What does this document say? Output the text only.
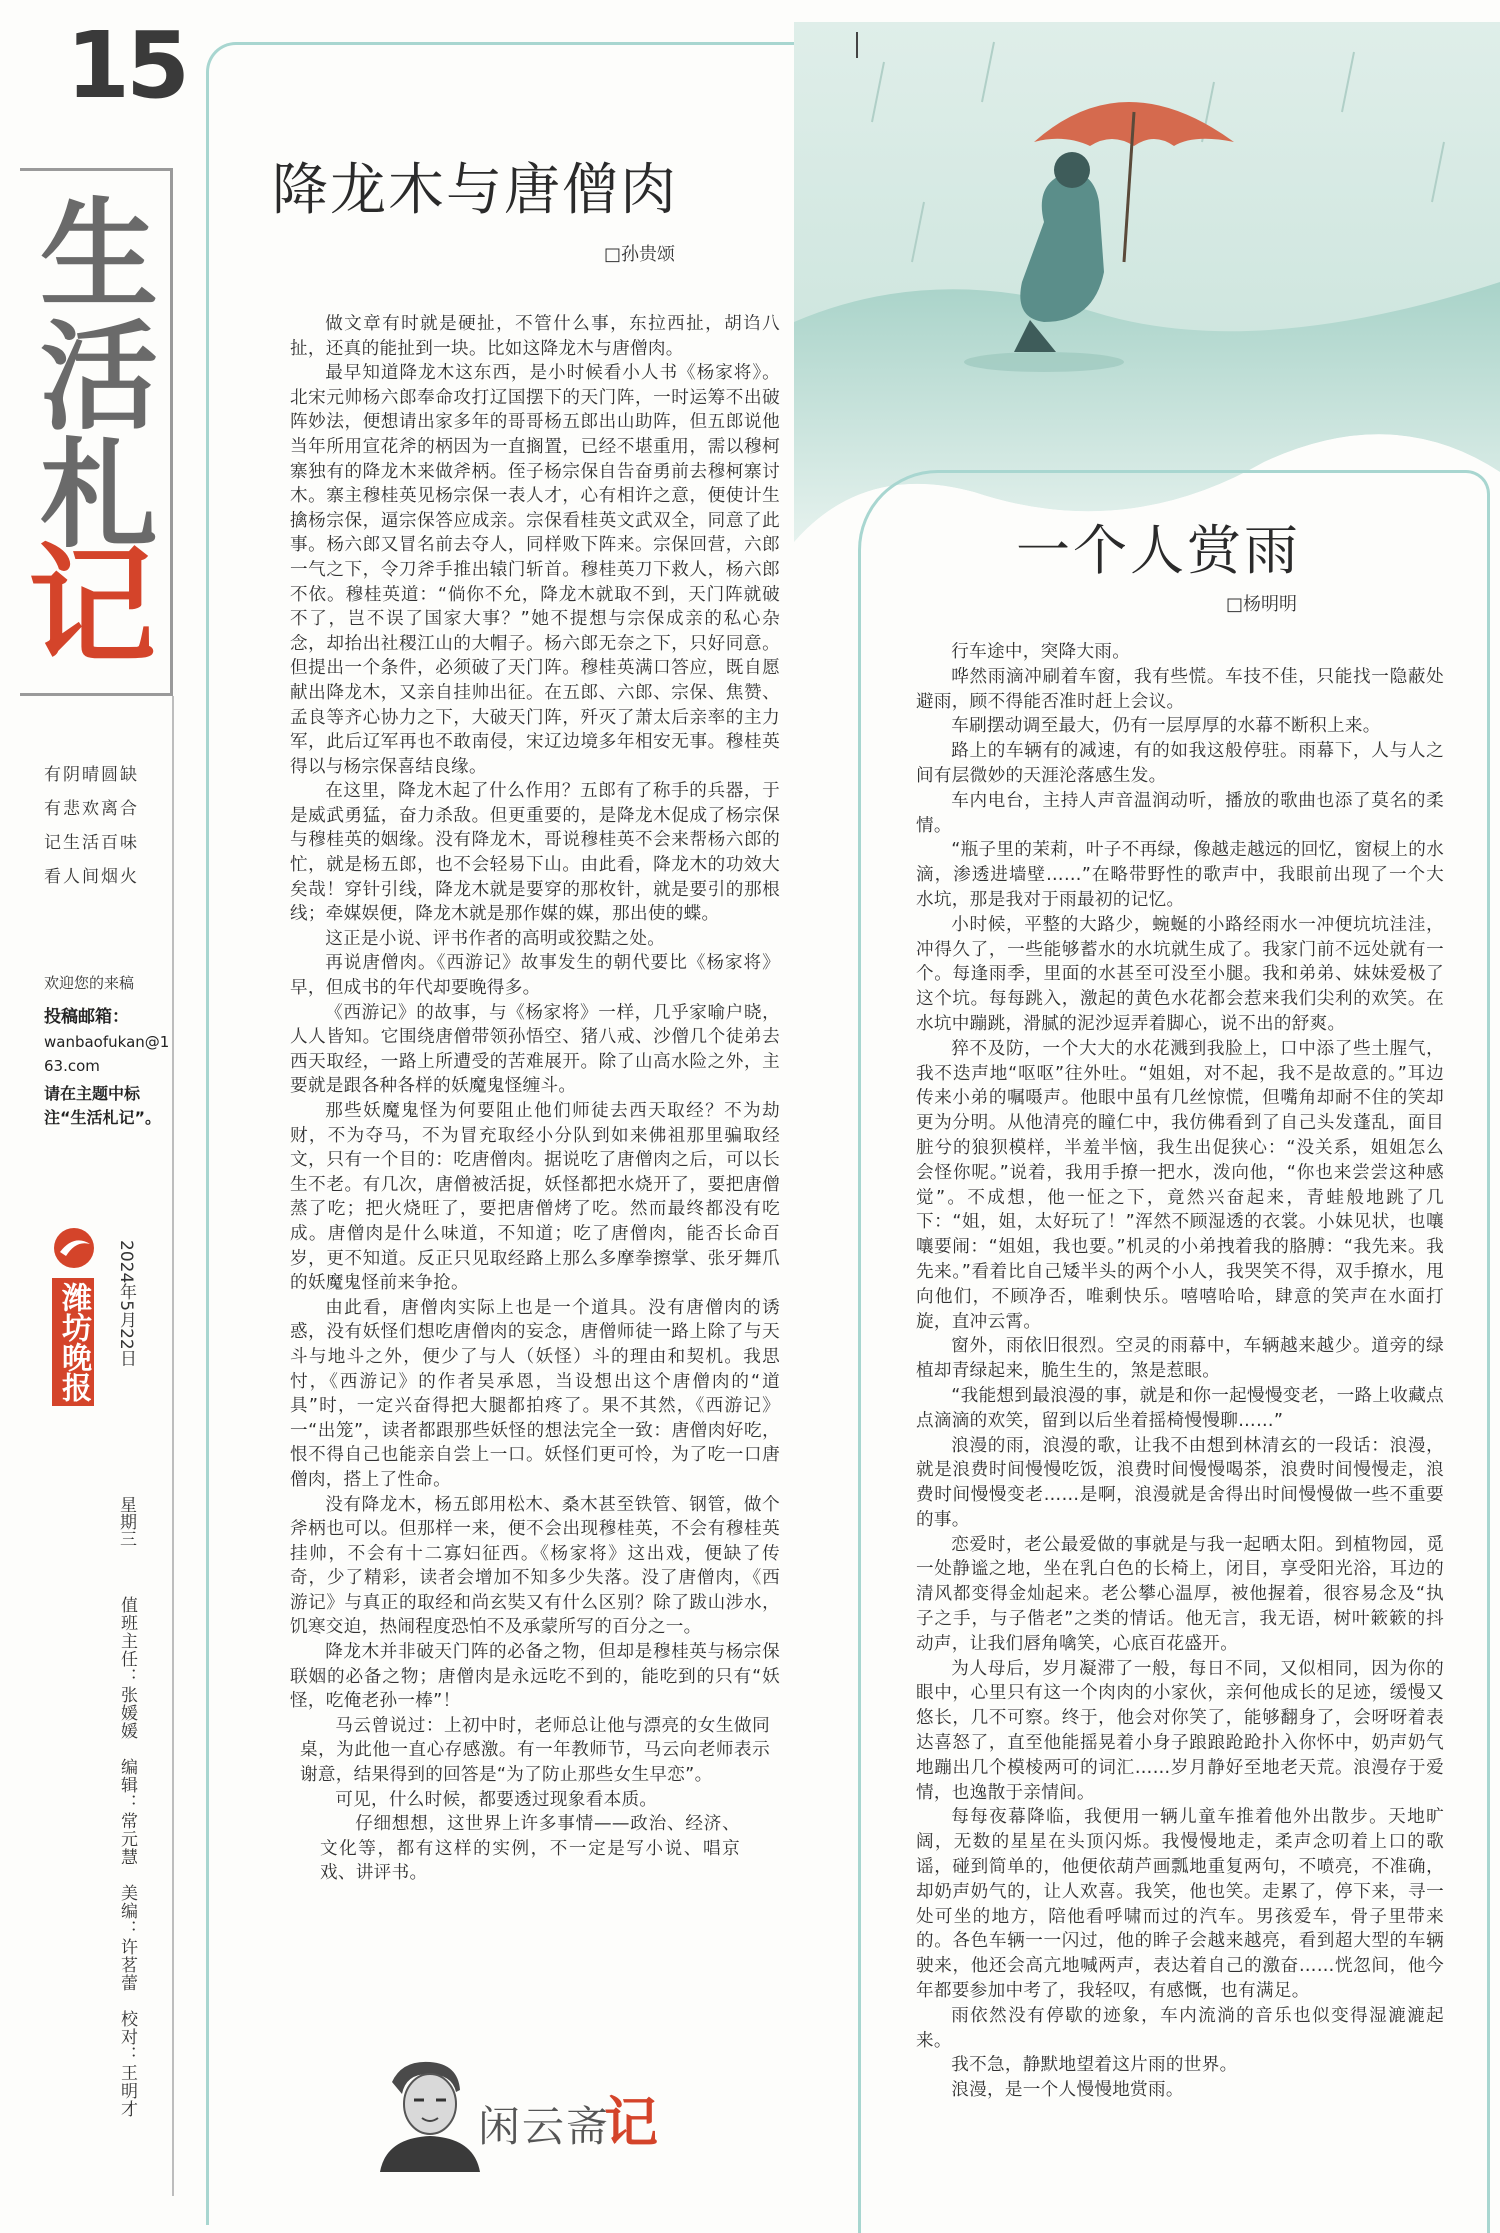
15
生
活
札
记
有阴晴圆缺
有悲欢离合
记生活百味
看人间烟火
欢迎您的来稿
投稿邮箱：
wanbaofukan@163.com
请在主题中标注“生活札记”。
潍坊晚报 2024年5月22日
星期三
值班主任：张媛媛　编辑：常元慧　美编：许茗蕾　校对：王明才
降龙木与唐僧肉
□孙贵颂

做文章有时就是硬扯，不管什么事，东拉西扯，胡诌八扯，还真的能扯到一块。比如这降龙木与唐僧肉。

最早知道降龙木这东西，是小时候看小人书《杨家将》。北宋元帅杨六郎奉命攻打辽国摆下的天门阵，一时运筹不出破阵妙法，便想请出家多年的哥哥杨五郎出山助阵，但五郎说他当年所用宣花斧的柄因为一直搁置，已经不堪重用，需以穆柯寨独有的降龙木来做斧柄。侄子杨宗保自告奋勇前去穆柯寨讨木。寨主穆桂英见杨宗保一表人才，心有相许之意，便使计生擒杨宗保，逼宗保答应成亲。宗保看桂英文武双全，同意了此事。杨六郎又冒名前去夺人，同样败下阵来。宗保回营，六郎一气之下，令刀斧手推出辕门斩首。穆桂英刀下救人，杨六郎不依。穆桂英道：“倘你不允，降龙木就取不到，天门阵就破不了，岂不误了国家大事？”她不提想与宗保成亲的私心杂念，却抬出社稷江山的大帽子。杨六郎无奈之下，只好同意。但提出一个条件，必须破了天门阵。穆桂英满口答应，既自愿献出降龙木，又亲自挂帅出征。在五郎、六郎、宗保、焦赞、孟良等齐心协力之下，大破天门阵，歼灭了萧太后亲率的主力军，此后辽军再也不敢南侵，宋辽边境多年相安无事。穆桂英得以与杨宗保喜结良缘。

在这里，降龙木起了什么作用？五郎有了称手的兵器，于是威武勇猛，奋力杀敌。但更重要的，是降龙木促成了杨宗保与穆桂英的姻缘。没有降龙木，哥说穆桂英不会来帮杨六郎的忙，就是杨五郎，也不会轻易下山。由此看，降龙木的功效大矣哉！穿针引线，降龙木就是要穿的那枚针，就是要引的那根线；牵媒娱便，降龙木就是那作媒的媒，那出使的蝶。

这正是小说、评书作者的高明或狡黠之处。

再说唐僧肉。《西游记》故事发生的朝代要比《杨家将》早，但成书的年代却要晚得多。

《西游记》的故事，与《杨家将》一样，几乎家喻户晓，人人皆知。它围绕唐僧带领孙悟空、猪八戒、沙僧几个徒弟去西天取经，一路上所遭受的苦难展开。除了山高水险之外，主要就是跟各种各样的妖魔鬼怪缠斗。

那些妖魔鬼怪为何要阻止他们师徒去西天取经？不为劫财，不为夺马，不为冒充取经小分队到如来佛祖那里骗取经文，只有一个目的：吃唐僧肉。据说吃了唐僧肉之后，可以长生不老。有几次，唐僧被活捉，妖怪都把水烧开了，要把唐僧蒸了吃；把火烧旺了，要把唐僧烤了吃。然而最终都没有吃成。唐僧肉是什么味道，不知道；吃了唐僧肉，能否长命百岁，更不知道。反正只见取经路上那么多摩拳擦掌、张牙舞爪的妖魔鬼怪前来争抢。

由此看，唐僧肉实际上也是一个道具。没有唐僧肉的诱惑，没有妖怪们想吃唐僧肉的妄念，唐僧师徒一路上除了与天斗与地斗之外，便少了与人（妖怪）斗的理由和契机。我思忖，《西游记》的作者吴承恩，当设想出这个唐僧肉的“道具”时，一定兴奋得把大腿都拍疼了。果不其然，《西游记》一“出笼”，读者都跟那些妖怪的想法完全一致：唐僧肉好吃，恨不得自己也能亲自尝上一口。妖怪们更可怜，为了吃一口唐僧肉，搭上了性命。

没有降龙木，杨五郎用松木、桑木甚至铁管、钢管，做个斧柄也可以。但那样一来，便不会出现穆桂英，不会有穆桂英挂帅，不会有十二寡妇征西。《杨家将》这出戏，便缺了传奇，少了精彩，读者会增加不知多少失落。没了唐僧肉，《西游记》与真正的取经和尚玄奘又有什么区别？除了跋山涉水，饥寒交迫，热闹程度恐怕不及承蒙所写的百分之一。

降龙木并非破天门阵的必备之物，但却是穆桂英与杨宗保联姻的必备之物；唐僧肉是永远吃不到的，能吃到的只有“妖怪，吃俺老孙一棒”！

马云曾说过：上初中时，老师总让他与漂亮的女生做同桌，为此他一直心存感激。有一年教师节，马云向老师表示谢意，结果得到的回答是“为了防止那些女生早恋”。

可见，什么时候，都要透过现象看本质。

仔细想想，这世界上许多事情——政治、经济、文化等，都有这样的实例，不一定是写小说、唱京戏、讲评书。

闲云斋
记
一个人赏雨
□杨明明

行车途中，突降大雨。

哗然雨滴冲刷着车窗，我有些慌。车技不佳，只能找一隐蔽处避雨，顾不得能否准时赶上会议。

车刷摆动调至最大，仍有一层厚厚的水幕不断积上来。

路上的车辆有的减速，有的如我这般停驻。雨幕下，人与人之间有层微妙的天涯沦落感生发。

车内电台，主持人声音温润动听，播放的歌曲也添了莫名的柔情。

“瓶子里的茉莉，叶子不再绿，像越走越远的回忆，窗棂上的水滴，渗透进墙壁……”在略带野性的歌声中，我眼前出现了一个大水坑，那是我对于雨最初的记忆。

小时候，平整的大路少，蜿蜒的小路经雨水一冲便坑坑洼洼，冲得久了，一些能够蓄水的水坑就生成了。我家门前不远处就有一个。每逢雨季，里面的水甚至可没至小腿。我和弟弟、妹妹爱极了这个坑。每每跳入，激起的黄色水花都会惹来我们尖利的欢笑。在水坑中蹦跳，滑腻的泥沙逗弄着脚心，说不出的舒爽。

猝不及防，一个大大的水花溅到我脸上，口中添了些土腥气，我不迭声地“呕呕”往外吐。“姐姐，对不起，我不是故意的。”耳边传来小弟的嘱嗫声。他眼中虽有几丝惊慌，但嘴角却耐不住的笑却更为分明。从他清亮的瞳仁中，我仿佛看到了自己头发蓬乱，面目脏兮的狼狈模样，半羞半恼，我生出促狭心：“没关系，姐姐怎么会怪你呢。”说着，我用手撩一把水，泼向他，“你也来尝尝这种感觉”。不成想，他一怔之下，竟然兴奋起来，青蛙般地跳了几下：“姐，姐，太好玩了！”浑然不顾湿透的衣裳。小妹见状，也嚷嚷要闹：“姐姐，我也要。”机灵的小弟拽着我的胳膊：“我先来。我先来。”看着比自己矮半头的两个小人，我哭笑不得，双手撩水，甩向他们，不顾净否，唯剩快乐。嘻嘻哈哈，肆意的笑声在水面打旋，直冲云霄。

窗外，雨依旧很烈。空灵的雨幕中，车辆越来越少。道旁的绿植却青绿起来，脆生生的，煞是惹眼。

“我能想到最浪漫的事，就是和你一起慢慢变老，一路上收藏点点滴滴的欢笑，留到以后坐着摇椅慢慢聊……”

浪漫的雨，浪漫的歌，让我不由想到林清玄的一段话：浪漫，就是浪费时间慢慢吃饭，浪费时间慢慢喝茶，浪费时间慢慢走，浪费时间慢慢变老……是啊，浪漫就是舍得出时间慢慢做一些不重要的事。

恋爱时，老公最爱做的事就是与我一起晒太阳。到植物园，觅一处静谧之地，坐在乳白色的长椅上，闭目，享受阳光浴，耳边的清风都变得金灿起来。老公攀心温厚，被他握着，很容易念及“执子之手，与子偕老”之类的情话。他无言，我无语，树叶簌簌的抖动声，让我们唇角噙笑，心底百花盛开。

为人母后，岁月凝滞了一般，每日不同，又似相同，因为你的眼中，心里只有这一个肉肉的小家伙，亲何他成长的足迹，缓慢又悠长，几不可察。终于，他会对你笑了，能够翻身了，会呀呀着表达喜怒了，直至他能摇晃着小身子踉踉跄跄扑入你怀中，奶声奶气地蹦出几个模棱两可的词汇……岁月静好至地老天荒。浪漫存于爱情，也逸散于亲情间。

每每夜幕降临，我便用一辆儿童车推着他外出散步。天地旷阔，无数的星星在头顶闪烁。我慢慢地走，柔声念叨着上口的歌谣，碰到简单的，他便依葫芦画瓢地重复两句，不喷亮，不准确，却奶声奶气的，让人欢喜。我笑，他也笑。走累了，停下来，寻一处可坐的地方，陪他看呼啸而过的汽车。男孩爱车，骨子里带来的。各色车辆一一闪过，他的眸子会越来越亮，看到超大型的车辆驶来，他还会高亢地喊两声，表达着自己的激奋……恍忽间，他今年都要参加中考了，我轻叹，有感慨，也有满足。

雨依然没有停歇的迹象，车内流淌的音乐也似变得湿漉漉起来。

我不急，静默地望着这片雨的世界。

浪漫，是一个人慢慢地赏雨。
